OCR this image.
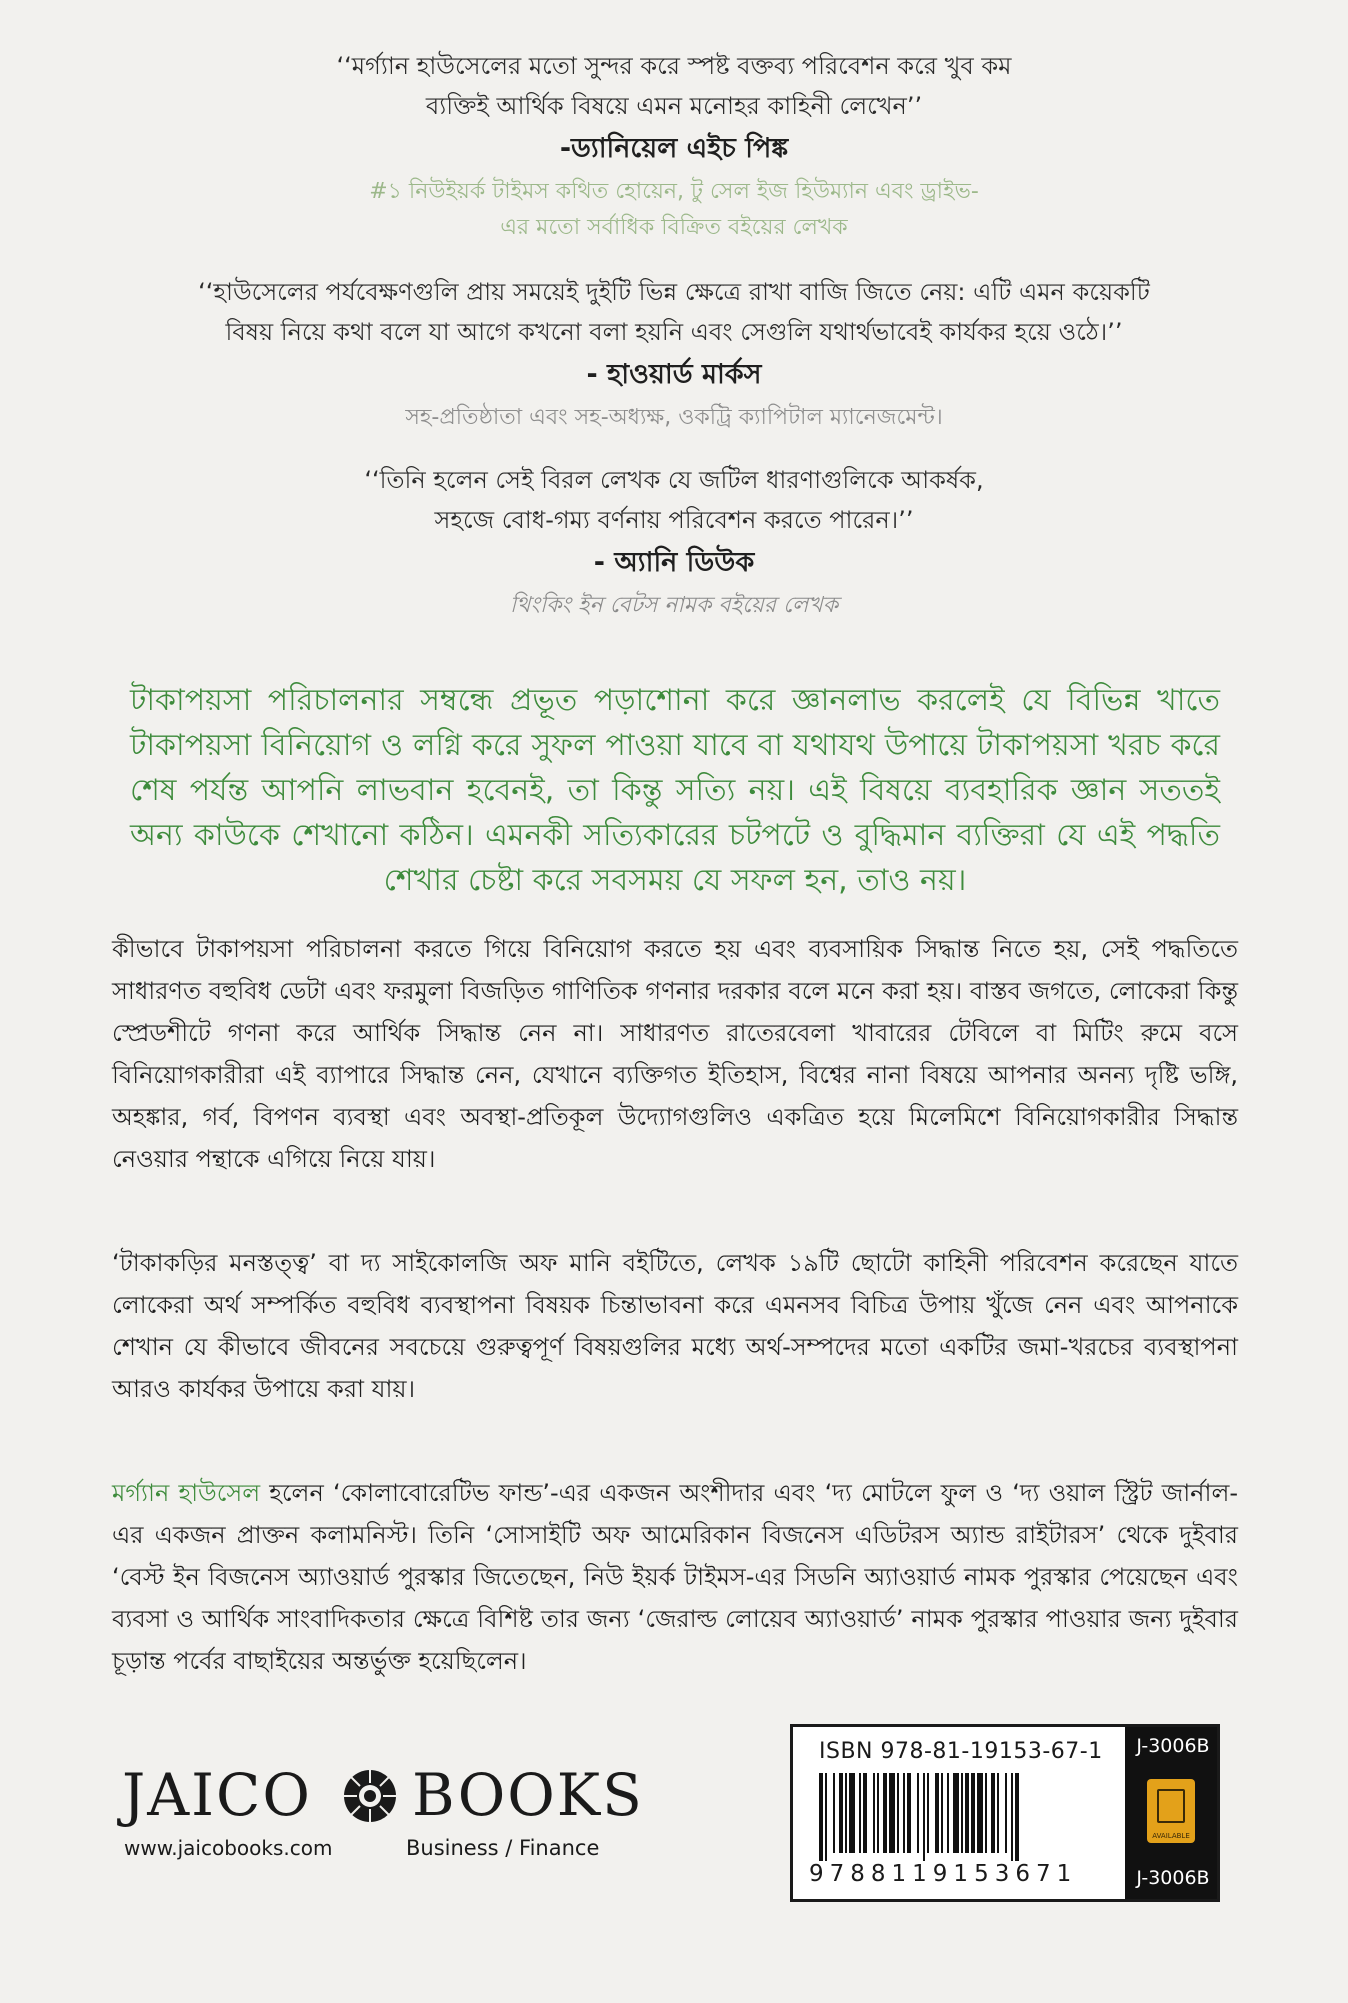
‘‘মর্গ্যান হাউসেলের মতো সুন্দর করে স্পষ্ট বক্তব্য পরিবেশন করে খুব কম

ব্যক্তিই আর্থিক বিষয়ে এমন মনোহর কাহিনী লেখেন’’

-ড্যানিয়েল এইচ পিঙ্ক

#১ নিউইয়র্ক টাইমস কথিত হোয়েন, টু সেল ইজ হিউম্যান এবং ড্রাইভ-

এর মতো সর্বাধিক বিক্রিত বইয়ের লেখক

‘‘হাউসেলের পর্যবেক্ষণগুলি প্রায় সময়েই দুইটি ভিন্ন ক্ষেত্রে রাখা বাজি জিতে নেয়: এটি এমন কয়েকটি

বিষয় নিয়ে কথা বলে যা আগে কখনো বলা হয়নি এবং সেগুলি যথার্থভাবেই কার্যকর হয়ে ওঠে।’’

- হাওয়ার্ড মার্কস

সহ-প্রতিষ্ঠাতা এবং সহ-অধ্যক্ষ, ওকট্রি ক্যাপিটাল ম্যানেজমেন্ট।

‘‘তিনি হলেন সেই বিরল লেখক যে জটিল ধারণাগুলিকে আকর্ষক,

সহজে বোধ-গম্য বর্ণনায় পরিবেশন করতে পারেন।’’

- অ্যানি ডিউক

থিংকিং ইন বেটস নামক বইয়ের লেখক

টাকাপয়সা পরিচালনার সম্বন্ধে প্রভূত পড়াশোনা করে জ্ঞানলাভ করলেই যে বিভিন্ন খাতে টাকাপয়সা বিনিয়োগ ও লগ্নি করে সুফল পাওয়া যাবে বা যথাযথ উপায়ে টাকাপয়সা খরচ করে শেষ পর্যন্ত আপনি লাভবান হবেনই, তা কিন্তু সত্যি নয়। এই বিষয়ে ব্যবহারিক জ্ঞান সততই অন্য কাউকে শেখানো কঠিন। এমনকী সত্যিকারের চটপটে ও বুদ্ধিমান ব্যক্তিরা যে এই পদ্ধতি শেখার চেষ্টা করে সবসময় যে সফল হন, তাও নয়।

কীভাবে টাকাপয়সা পরিচালনা করতে গিয়ে বিনিয়োগ করতে হয় এবং ব্যবসায়িক সিদ্ধান্ত নিতে হয়, সেই পদ্ধতিতে সাধারণত বহুবিধ ডেটা এবং ফরমুলা বিজড়িত গাণিতিক গণনার দরকার বলে মনে করা হয়। বাস্তব জগতে, লোকেরা কিন্তু স্প্রেডশীটে গণনা করে আর্থিক সিদ্ধান্ত নেন না। সাধারণত রাতেরবেলা খাবারের টেবিলে বা মিটিং রুমে বসে বিনিয়োগকারীরা এই ব্যাপারে সিদ্ধান্ত নেন, যেখানে ব্যক্তিগত ইতিহাস, বিশ্বের নানা বিষয়ে আপনার অনন্য দৃষ্টি ভঙ্গি, অহঙ্কার, গর্ব, বিপণন ব্যবস্থা এবং অবস্থা-প্রতিকূল উদ্যোগগুলিও একত্রিত হয়ে মিলেমিশে বিনিয়োগকারীর সিদ্ধান্ত নেওয়ার পন্থাকে এগিয়ে নিয়ে যায়।

‘টাকাকড়ির মনস্তত্ত্ব’ বা দ্য সাইকোলজি অফ মানি বইটিতে, লেখক ১৯টি ছোটো কাহিনী পরিবেশন করেছেন যাতে লোকেরা অর্থ সম্পর্কিত বহুবিধ ব্যবস্থাপনা বিষয়ক চিন্তাভাবনা করে এমনসব বিচিত্র উপায় খুঁজে নেন এবং আপনাকে শেখান যে কীভাবে জীবনের সবচেয়ে গুরুত্বপূর্ণ বিষয়গুলির মধ্যে অর্থ-সম্পদের মতো একটির জমা-খরচের ব্যবস্থাপনা আরও কার্যকর উপায়ে করা যায়।

মর্গ্যান হাউসেল হলেন ‘কোলাবোরেটিভ ফান্ড’-এর একজন অংশীদার এবং ‘দ্য মোটলে ফুল ও ‘দ্য ওয়াল স্ট্রিট জার্নাল-এর একজন প্রাক্তন কলামনিস্ট। তিনি ‘সোসাইটি অফ আমেরিকান বিজনেস এডিটরস অ্যান্ড রাইটারস’ থেকে দুইবার ‘বেস্ট ইন বিজনেস অ্যাওয়ার্ড পুরস্কার জিতেছেন, নিউ ইয়র্ক টাইমস-এর সিডনি অ্যাওয়ার্ড নামক পুরস্কার পেয়েছেন এবং ব্যবসা ও আর্থিক সাংবাদিকতার ক্ষেত্রে বিশিষ্ট তার জন্য ‘জেরাল্ড লোয়েব অ্যাওয়ার্ড’ নামক পুরস্কার পাওয়ার জন্য দুইবার চূড়ান্ত পর্বের বাছাইয়ের অন্তর্ভুক্ত হয়েছিলেন।

JAICO BOOKS
www.jaicobooks.com	Business / Finance
ISBN 978-81-19153-67-1
9788119153671
J-3006B
AVAILABLE
J-3006B
